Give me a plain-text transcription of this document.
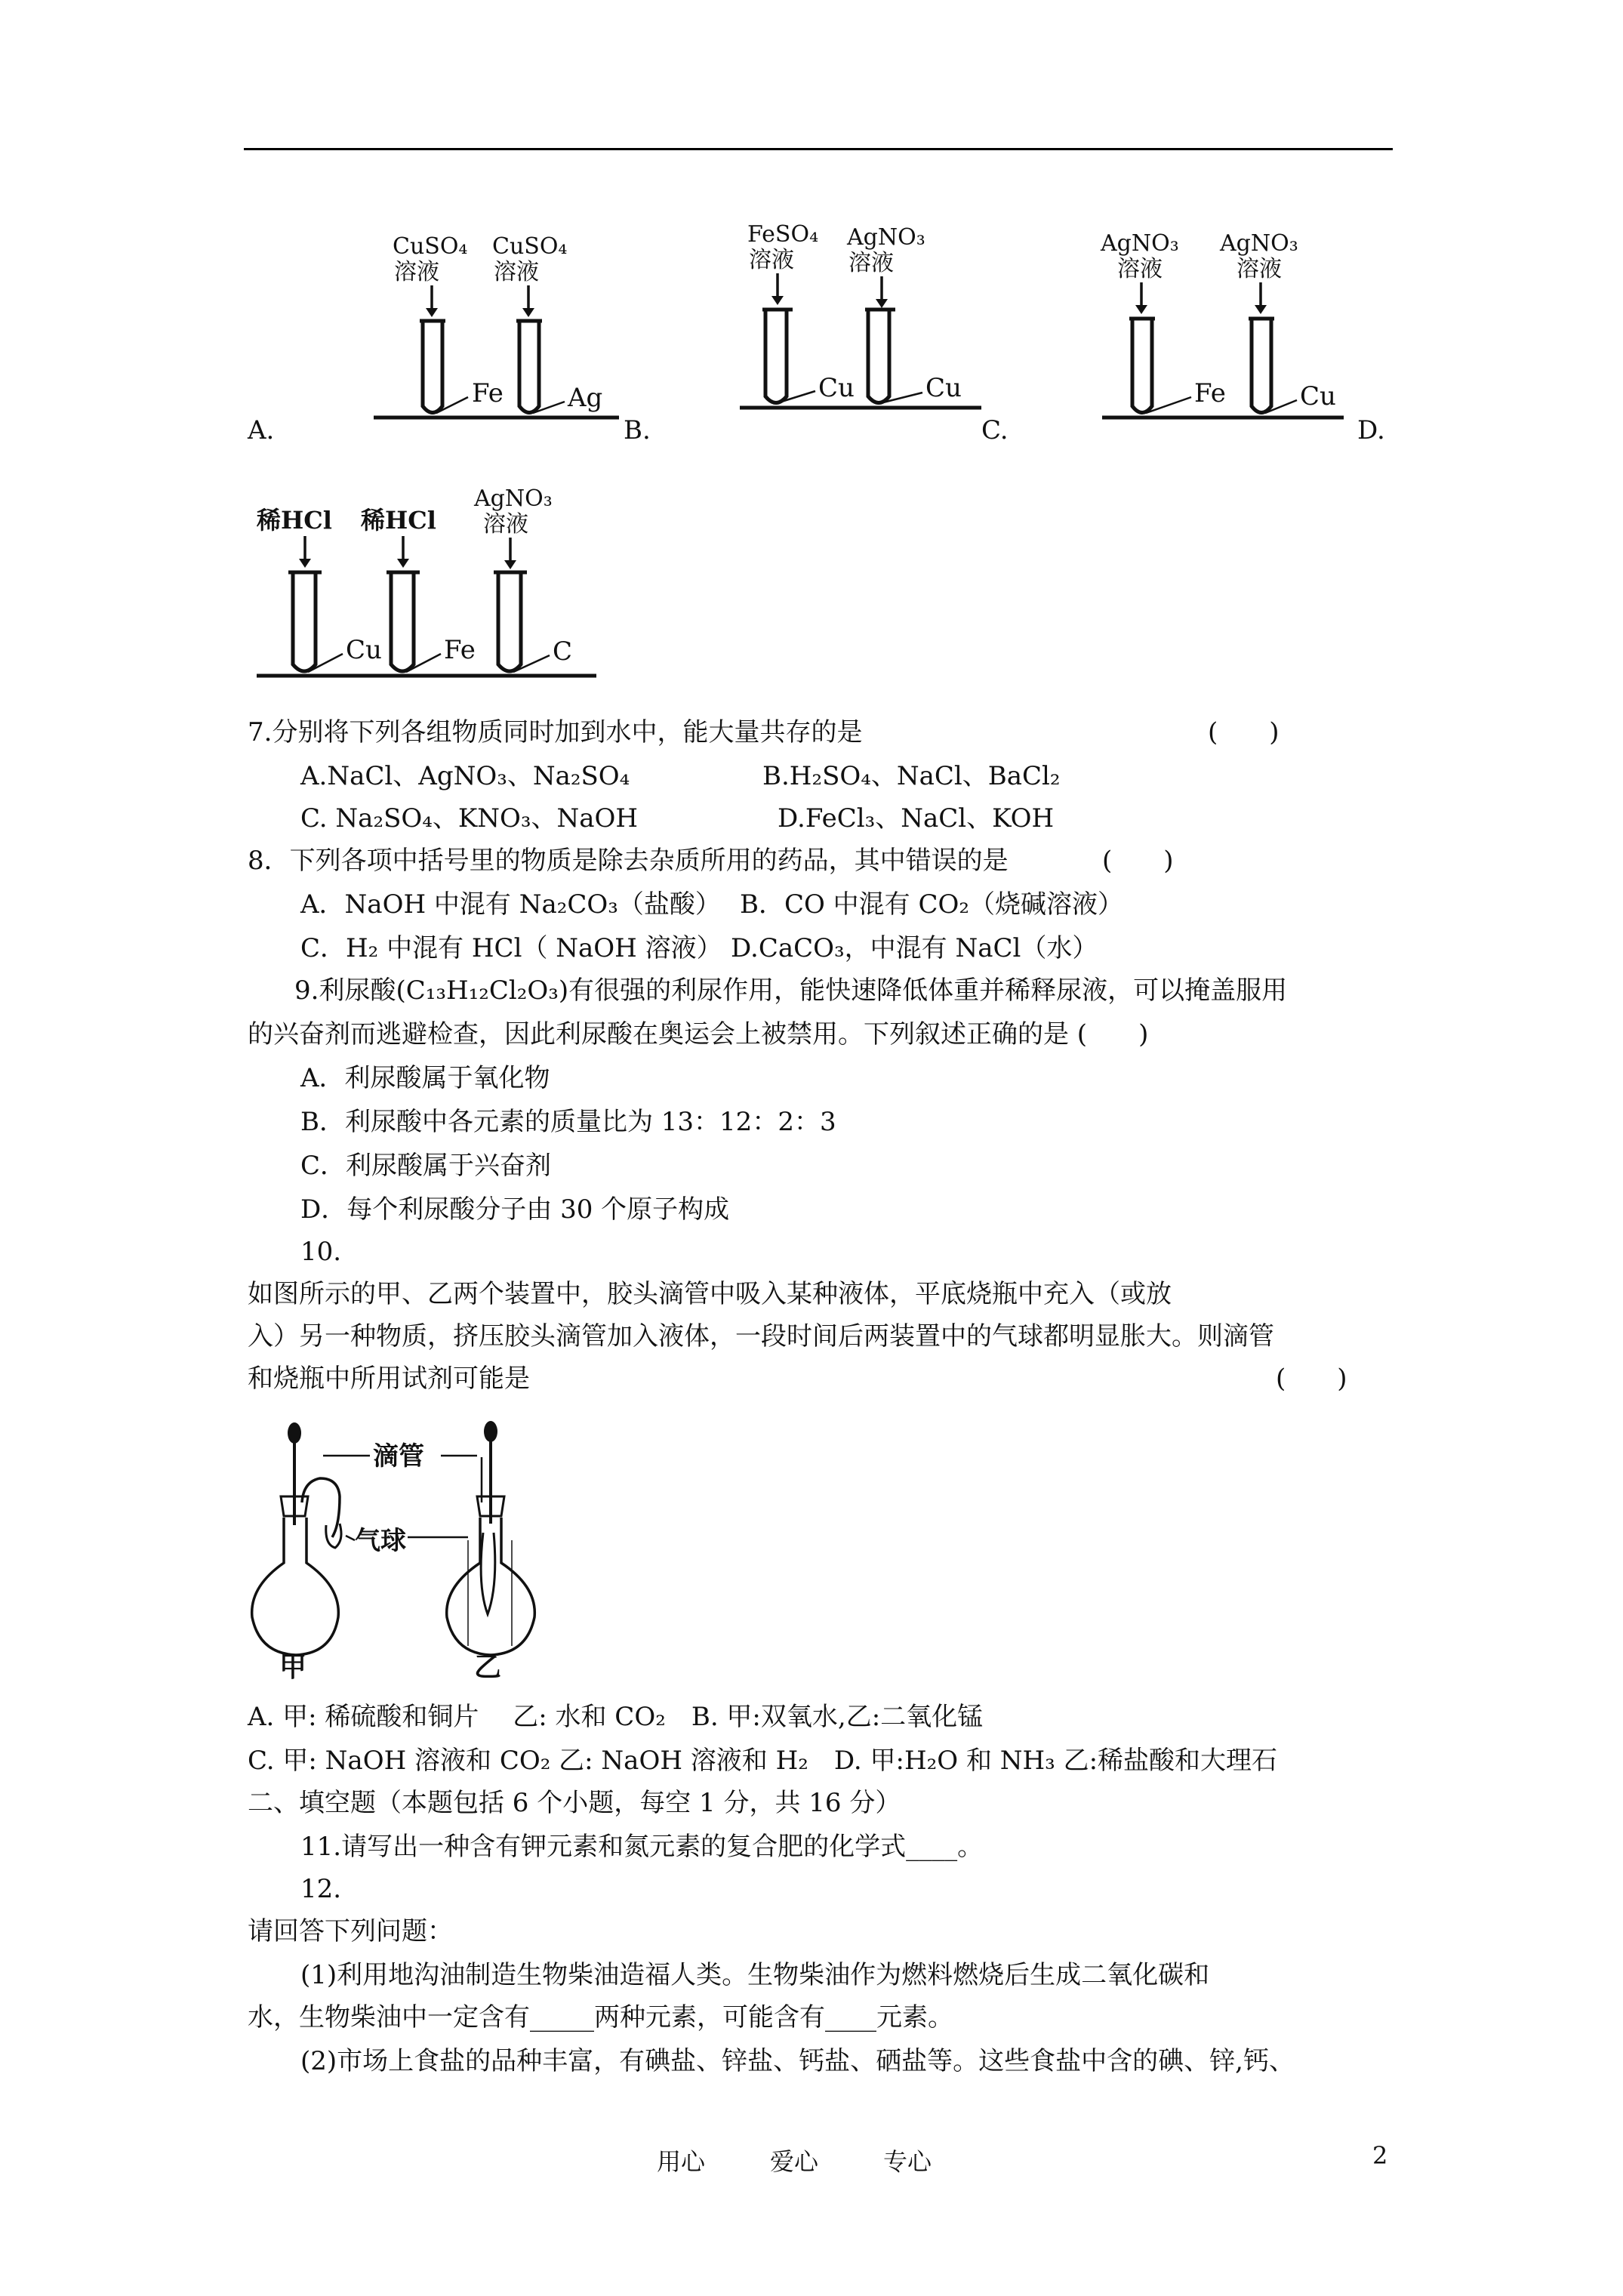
CuSO₄
溶液
CuSO₄
溶液
Fe	Ag
FeSO₄
溶液
AgNO₃
溶液
Cu	Cu
AgNO₃
溶液
AgNO₃
溶液
Fe	Cu
A.	B.	C.	D.
稀HCl 稀HCl
AgNO₃
溶液
Cu Fe	C
7.分别将下列各组物质同时加到水中，能大量共存的是	(　　)
A.NaCl、AgNO₃、Na₂SO₄	B.H₂SO₄、NaCl、BaCl₂
C. Na₂SO₄、KNO₃、NaOH	D.FeCl₃、NaCl、KOH
8．下列各项中括号里的物质是除去杂质所用的药品，其中错误的是	(　　)
A．NaOH 中混有 Na₂CO₃（盐酸） B．CO 中混有 CO₂（烧碱溶液）
C．H₂ 中混有 HCl（ NaOH 溶液） D.CaCO₃，中混有 NaCl（水）
9.利尿酸(C₁₃H₁₂Cl₂O₃)有很强的利尿作用，能快速降低体重并稀释尿液，可以掩盖服用
的兴奋剂而逃避检查，因此利尿酸在奥运会上被禁用。下列叙述正确的是 (　　)
A．利尿酸属于氧化物
B．利尿酸中各元素的质量比为 13：12：2：3
C．利尿酸属于兴奋剂
D．每个利尿酸分子由 30 个原子构成
10.
如图所示的甲、乙两个装置中，胶头滴管中吸入某种液体，平底烧瓶中充入（或放
入）另一种物质，挤压胶头滴管加入液体，一段时间后两装置中的气球都明显胀大。则滴管
和烧瓶中所用试剂可能是	(　　)
滴管
气球
甲	乙
A. 甲: 稀硫酸和铜片　 乙: 水和 CO₂　B. 甲:双氧水,乙:二氧化锰
C. 甲: NaOH 溶液和 CO₂ 乙: NaOH 溶液和 H₂　D. 甲:H₂O 和 NH₃ 乙:稀盐酸和大理石
二、填空题（本题包括 6 个小题，每空 1 分，共 16 分）
11.请写出一种含有钾元素和氮元素的复合肥的化学式____。
12.
请回答下列问题：
(1)利用地沟油制造生物柴油造福人类。生物柴油作为燃料燃烧后生成二氧化碳和
水，生物柴油中一定含有_____两种元素，可能含有____元素。
(2)市场上食盐的品种丰富，有碘盐、锌盐、钙盐、硒盐等。这些食盐中含的碘、锌,钙、
用心	爱心	专心	2
